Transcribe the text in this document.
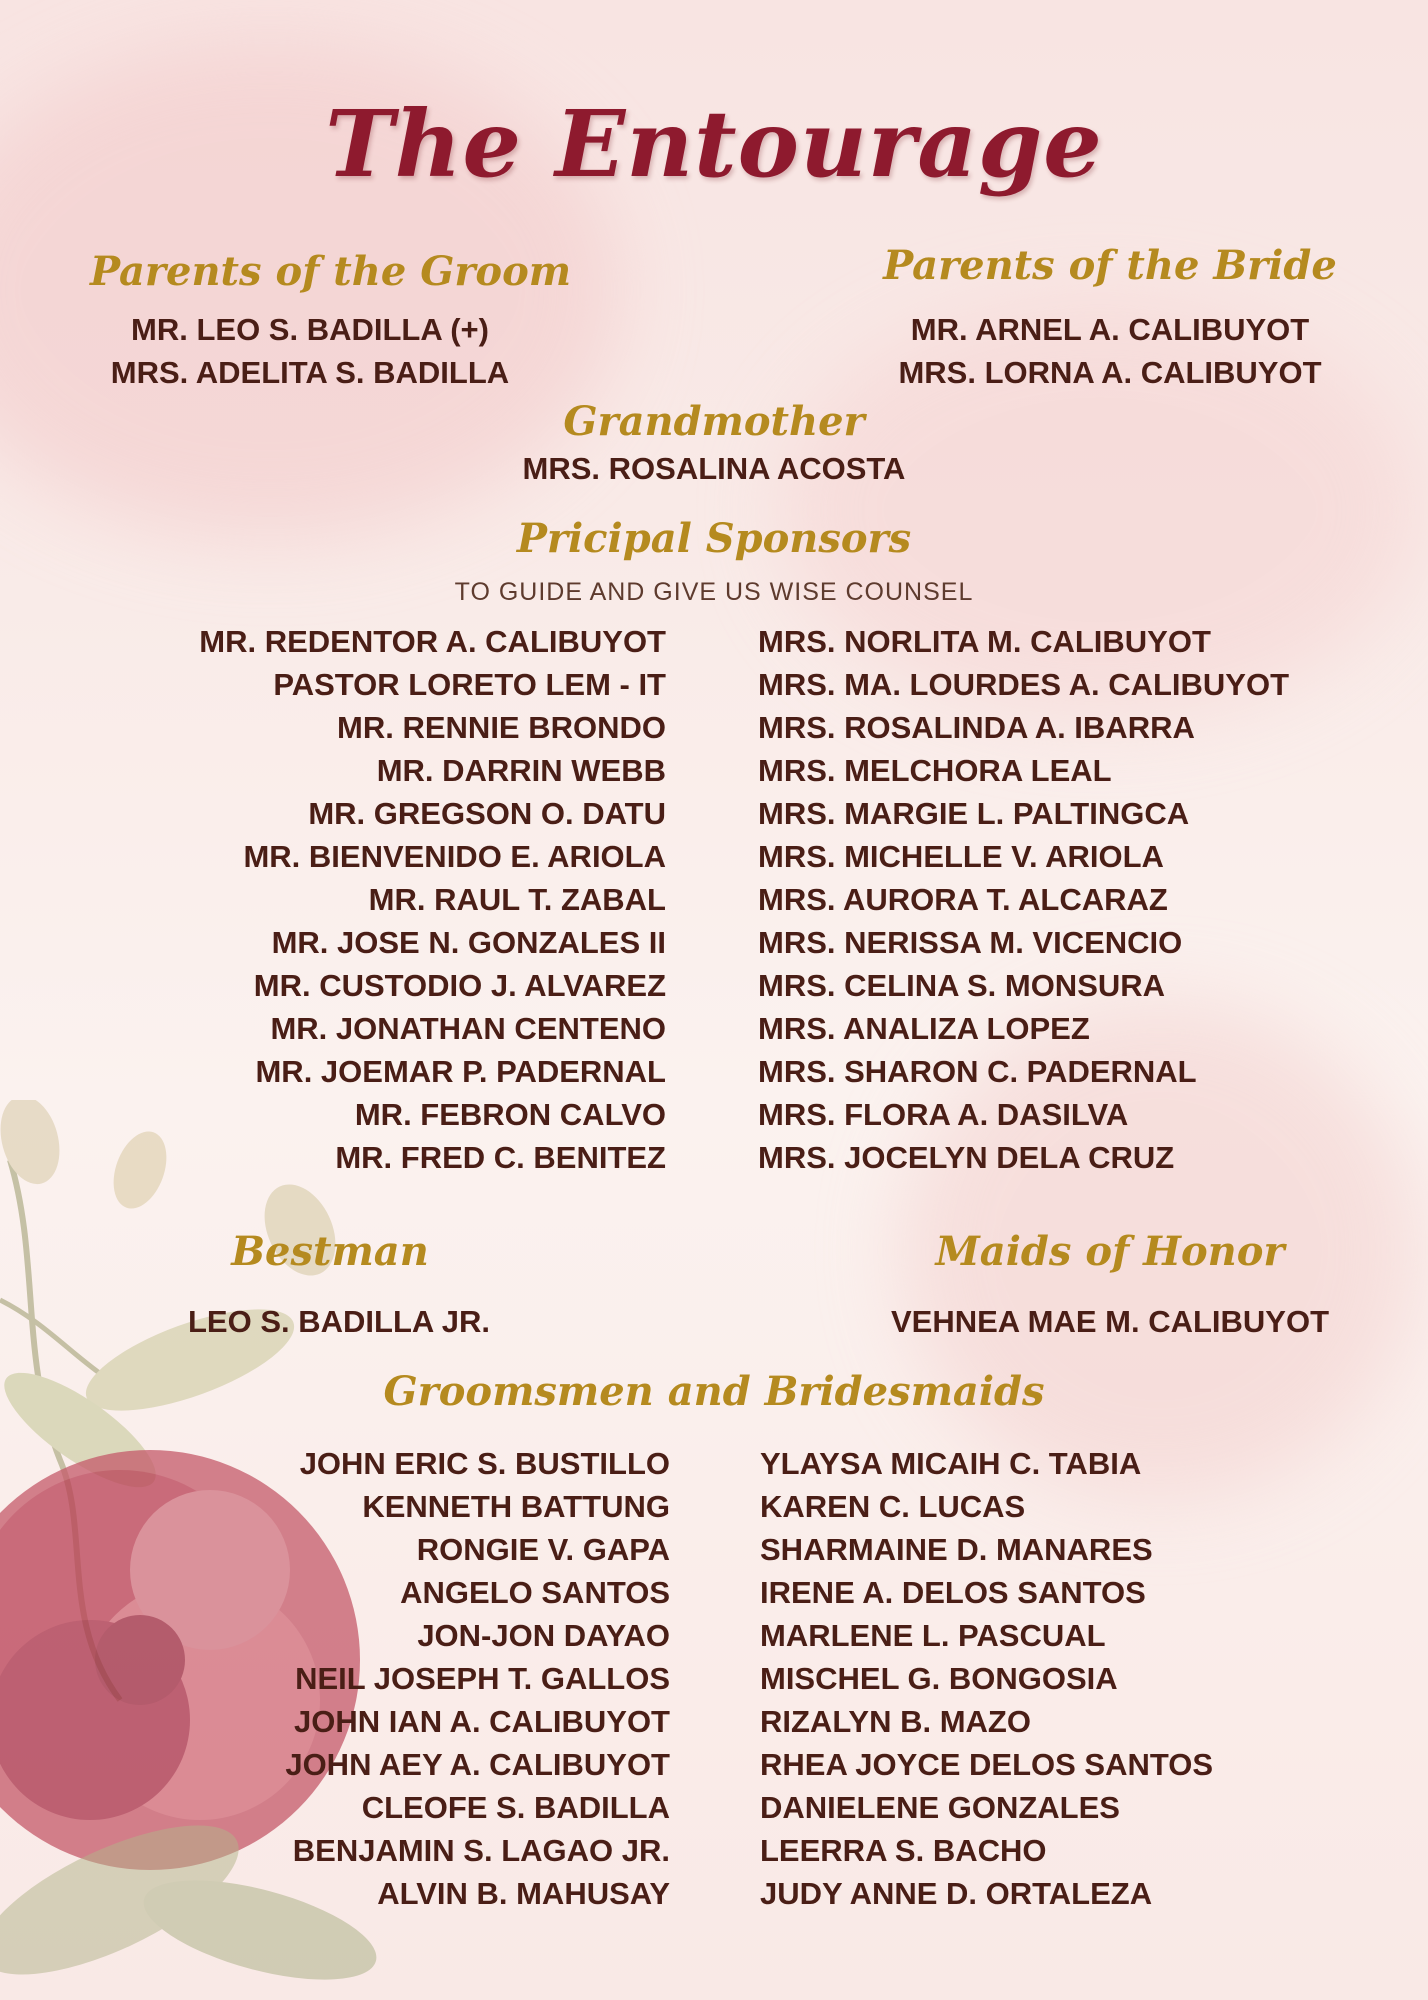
The Entourage
Parents of the Groom
MR. LEO S. BADILLA (+)
MRS. ADELITA S. BADILLA
Parents of the Bride
MR. ARNEL A. CALIBUYOT
MRS. LORNA A. CALIBUYOT
Grandmother
MRS. ROSALINA ACOSTA
Pricipal Sponsors
TO GUIDE AND GIVE US WISE COUNSEL
MR. REDENTOR A. CALIBUYOT
PASTOR LORETO LEM - IT
MR. RENNIE BRONDO
MR. DARRIN WEBB
MR. GREGSON O. DATU
MR. BIENVENIDO E. ARIOLA
MR. RAUL T. ZABAL
MR. JOSE N. GONZALES II
MR. CUSTODIO J. ALVAREZ
MR. JONATHAN CENTENO
MR. JOEMAR P. PADERNAL
MR. FEBRON CALVO
MR. FRED C. BENITEZ
MRS. NORLITA M. CALIBUYOT
MRS. MA. LOURDES A. CALIBUYOT
MRS. ROSALINDA A. IBARRA
MRS. MELCHORA LEAL
MRS. MARGIE L. PALTINGCA
MRS. MICHELLE V. ARIOLA
MRS. AURORA T. ALCARAZ
MRS. NERISSA M. VICENCIO
MRS. CELINA S. MONSURA
MRS. ANALIZA LOPEZ
MRS. SHARON C. PADERNAL
MRS. FLORA A. DASILVA
MRS. JOCELYN DELA CRUZ
Bestman
LEO S. BADILLA JR.
Maids of Honor
VEHNEA MAE M. CALIBUYOT
Groomsmen and Bridesmaids
JOHN ERIC S. BUSTILLO
KENNETH BATTUNG
RONGIE V. GAPA
ANGELO SANTOS
JON-JON DAYAO
NEIL JOSEPH T. GALLOS
JOHN IAN A. CALIBUYOT
JOHN AEY A. CALIBUYOT
CLEOFE S. BADILLA
BENJAMIN S. LAGAO JR.
ALVIN B. MAHUSAY
YLAYSA MICAIH C. TABIA
KAREN C. LUCAS
SHARMAINE D. MANARES
IRENE A. DELOS SANTOS
MARLENE L. PASCUAL
MISCHEL G. BONGOSIA
RIZALYN B. MAZO
RHEA JOYCE DELOS SANTOS
DANIELENE GONZALES
LEERRA S. BACHO
JUDY ANNE D. ORTALEZA
